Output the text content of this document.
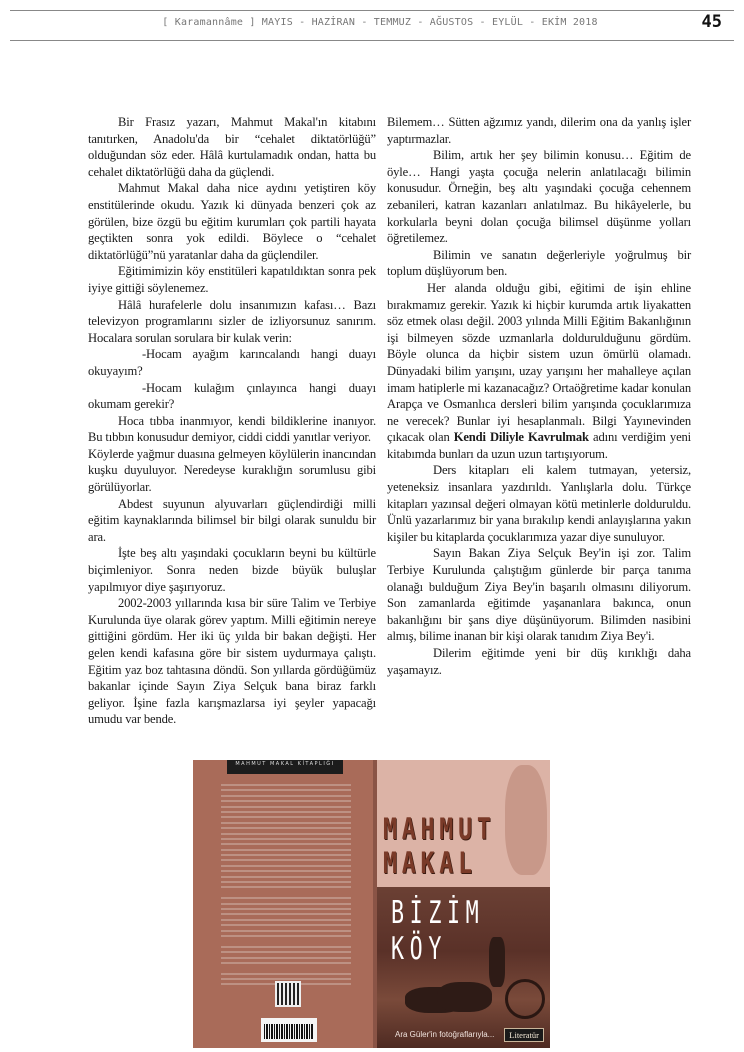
[ Karamannâme ] MAYIS - HAZİRAN - TEMMUZ - AĞUSTOS - EYLÜL - EKİM 2018	45

Bir Frasız yazarı, Mahmut Makal'ın kitabını tanıtırken, Anadolu'da bir “cehalet diktatörlüğü” olduğundan söz eder. Hâlâ kurtulamadık ondan, hatta bu cehalet diktatörlüğü daha da güçlendi.

Mahmut Makal daha nice aydını yetiştiren köy enstitülerinde okudu. Yazık ki dünyada benzeri çok az görülen, bize özgü bu eğitim kurumları çok partili hayata geçtikten sonra yok edildi. Böylece o “cehalet diktatörlüğü”nü yaratanlar daha da güçlendiler.

Eğitimimizin köy enstitüleri kapatıldıktan sonra pek iyiye gittiği söylenemez.

Hâlâ hurafelerle dolu insanımızın kafası… Bazı televizyon programlarını sizler de izliyorsunuz sanırım. Hocalara sorulan sorulara bir kulak verin:

-Hocam ayağım karıncalandı hangi duayı okuyayım?

-Hocam kulağım çınlayınca hangi duayı okumam gerekir?

Hoca tıbba inanmıyor, kendi bildiklerine inanıyor. Bu tıbbın konusudur demiyor, ciddi ciddi yanıtlar veriyor.

Köylerde yağmur duasına gelmeyen köylülerin inancından kuşku duyuluyor. Neredeyse kuraklığın sorumlusu gibi görülüyorlar.

Abdest suyunun alyuvarları güçlendirdiği milli eğitim kaynaklarında bilimsel bir bilgi olarak sunuldu bir ara.

İşte beş altı yaşındaki çocukların beyni bu kültürle biçimleniyor. Sonra neden bizde büyük buluşlar yapılmıyor diye şaşırıyoruz.

2002-2003 yıllarında kısa bir süre Talim ve Terbiye Kurulunda üye olarak görev yaptım. Milli eğitimin nereye gittiğini gördüm. Her iki üç yılda bir bakan değişti. Her gelen kendi kafasına göre bir sistem uydurmaya çalıştı. Eğitim yaz boz tahtasına döndü. Son yıllarda gördüğümüz bakanlar içinde Sayın Ziya Selçuk bana biraz farklı geliyor. İşine fazla karışmazlarsa iyi şeyler yapacağı umudu var bende.

Bilemem… Sütten ağzımız yandı, dilerim ona da yanlış işler yaptırmazlar.

Bilim, artık her şey bilimin konusu… Eğitim de öyle… Hangi yaşta çocuğa nelerin anlatılacağı bilimin konusudur. Örneğin, beş altı yaşındaki çocuğa cehennem zebanileri, katran kazanları anlatılmaz. Bu hikâyelerle, bu korkularla beyni dolan çocuğa bilimsel düşünme yolları öğretilemez.

Bilimin ve sanatın değerleriyle yoğrulmuş bir toplum düşlüyorum ben.

Her alanda olduğu gibi, eğitimi de işin ehline bırakmamız gerekir. Yazık ki hiçbir kurumda artık liyakatten söz etmek olası değil. 2003 yılında Milli Eğitim Bakanlığının işi bilmeyen sözde uzmanlarla doldurulduğunu gördüm. Böyle olunca da hiçbir sistem uzun ömürlü olamadı. Dünyadaki bilim yarışını, uzay yarışını her mahalleye açılan imam hatiplerle mi kazanacağız? Ortaöğretime kadar konulan Arapça ve Osmanlıca dersleri bilim yarışında çocuklarımıza ne verecek? Bunlar iyi hesaplanmalı. Bilgi Yayınevinden çıkacak olan Kendi Diliyle Kavrulmak adını verdiğim yeni kitabımda bunları da uzun uzun tartışıyorum.

Ders kitapları eli kalem tutmayan, yetersiz, yeteneksiz insanlara yazdırıldı. Yanlışlarla dolu. Türkçe kitapları yazınsal değeri olmayan kötü metinlerle dolduruldu. Ünlü yazarlarımız bir yana bırakılıp kendi anlayışlarına yakın kişiler bu kitaplarda çocuklarımıza yazar diye sunuluyor.

Sayın Bakan Ziya Selçuk Bey'in işi zor. Talim Terbiye Kurulunda çalıştığım günlerde bir parça tanıma olanağı bulduğum Ziya Bey'in başarılı olmasını diliyorum. Son zamanlarda eğitimde yaşananlara bakınca, onun bakanlığını bir şans diye düşünüyorum. Bilimden nasibini almış, bilime inanan bir kişi olarak tanıdım Ziya Bey'i.

Dilerim eğitimde yeni bir düş kırıklığı daha yaşamayız.

MAHMUT MAKAL KİTAPLIĞI
MAHMUT MAKAL
BİZİM KÖY
Ara Güler'in fotoğraflarıyla...	Literatür
